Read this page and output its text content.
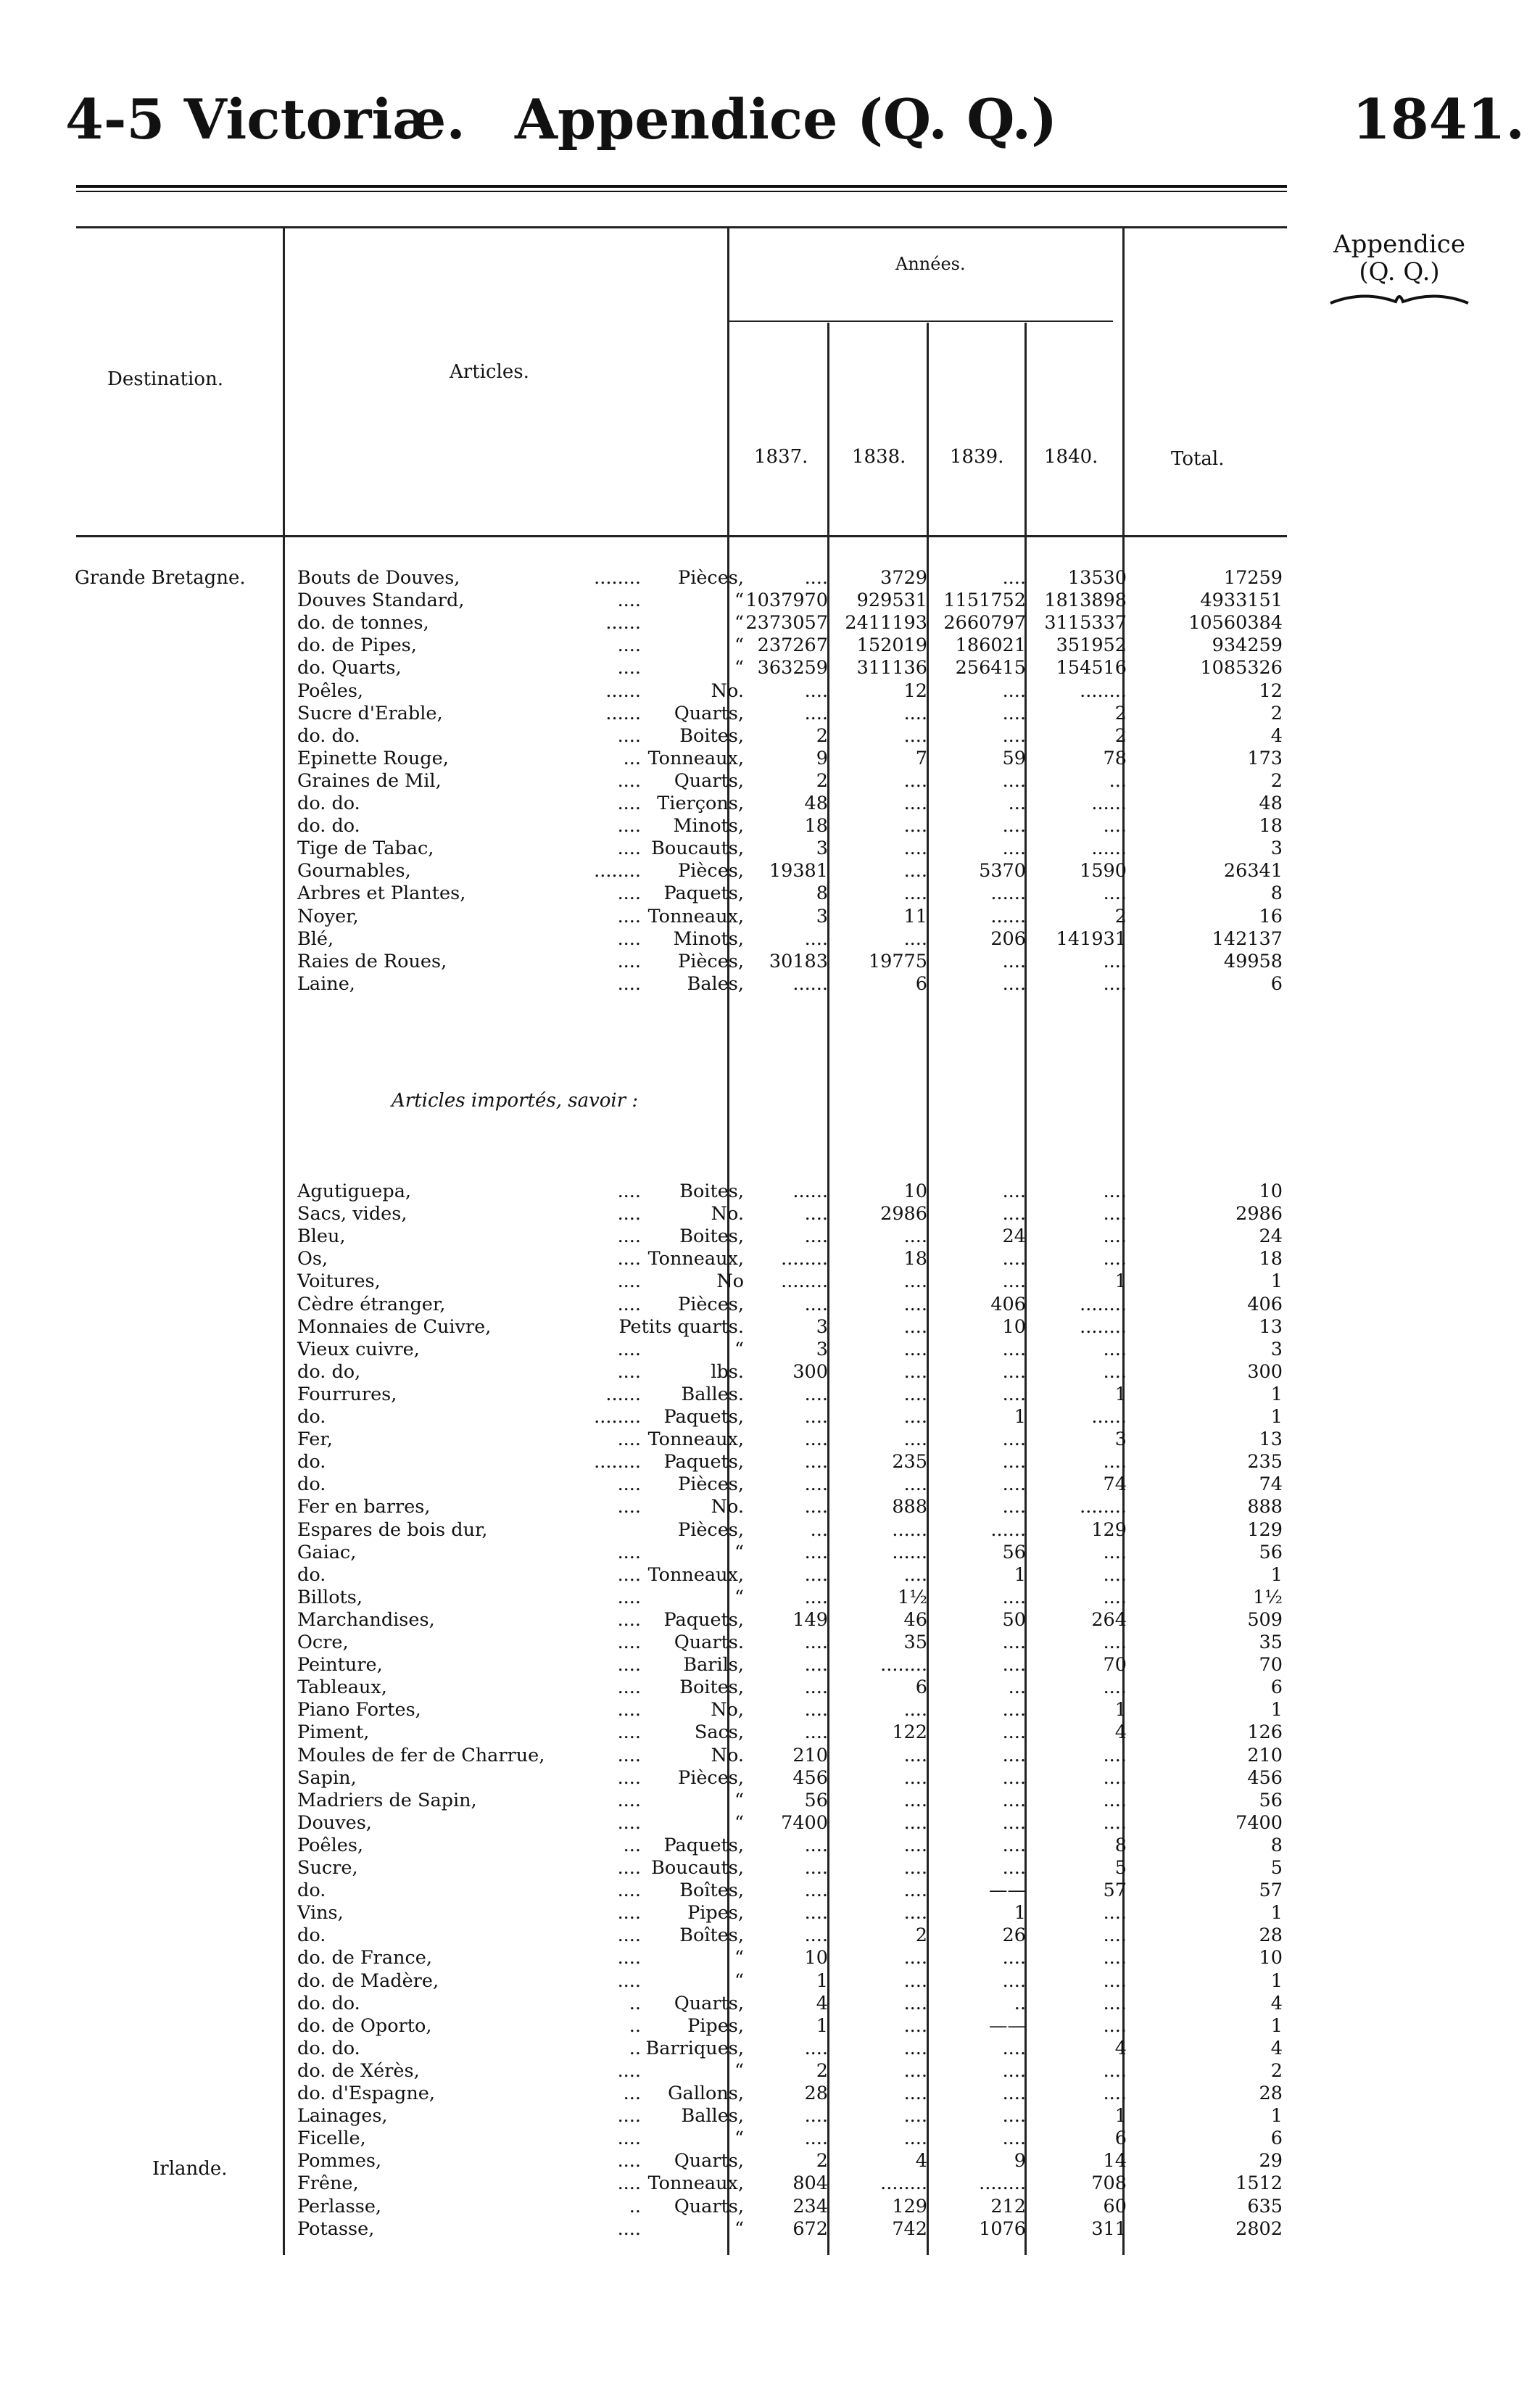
4-5 Victoriæ. Appendice (Q. Q.)	1841.
Appendice
(Q. Q.)
Destination.	Articles.
Années.
1837. 1838. 1839. 1840.	Total.
Grande Bretagne.
Irlande.
Articles importés, savoir :
Bouts de Douves,	........ Pièces,	....	3729	.... 13530	17259
Douves Standard,	....	“ 1037970 929531 1151752 1813898	4933151
do. de tonnes,	......	“ 2373057 2411193 2660797 3115337	10560384
do. de Pipes,	....	“ 237267 152019 186021 351952	934259
do. Quarts,	....	“ 363259 311136 256415 154516	1085326
Poêles,	......	No.	....	12	....	........	12
Sucre d'Erable,	...... Quarts,	....	....	....	2	2
do. do.	.... Boites,	2	....	....	2	4
Epinette Rouge,	... Tonneaux,	9	7	59	78	173
Graines de Mil,	.... Quarts,	2	....	....	...	2
do. do.	.... Tierçons,	48	....	...	......	48
do. do.	.... Minots,	18	....	....	....	18
Tige de Tabac,	.... Boucauts,	3	....	....	......	3
Gournables,	........ Pièces, 19381	....	5370	1590	26341
Arbres et Plantes,	.... Paquets,	8	....	......	....	8
Noyer,	.... Tonneaux,	3	11	......	2	16
Blé,	.... Minots,	....	....	206 141931	142137
Raies de Roues,	.... Pièces, 30183 19775	....	....	49958
Laine,	.... Bales,	......	6	....	....	6
Agutiguepa,	.... Boites,	......	10	....	....	10
Sacs, vides,	....	No.	....	2986	....	....	2986
Bleu,	.... Boites,	....	....	24	....	24
Os,	.... Tonneaux, ........	18	....	....	18
Voitures,	....	No ........	....	....	1	1
Cèdre étranger,	.... Pièces,	....	....	406	........	406
Monnaies de Cuivre,	Petits quarts.	3	....	10	........	13
Vieux cuivre,	....	“	3	....	....	....	3
do. do,	....	lbs.	300	....	....	....	300
Fourrures,	...... Balles.	....	....	....	1	1
do.	........ Paquets,	....	....	1	......	1
Fer,	.... Tonneaux,	....	....	....	3	13
do.	........ Paquets,	....	235	....	....	235
do.	.... Pièces,	....	....	....	74	74
Fer en barres,	....	No.	....	888	....	........	888
Espares de bois dur,	Pièces,	...	......	......	129	129
Gaiac,	....	“	....	......	56	....	56
do.	.... Tonneaux,	....	....	1	....	1
Billots,	....	“	....	1½	....	....	1½
Marchandises,	.... Paquets,	149	46	50	264	509
Ocre,	.... Quarts.	....	35	....	....	35
Peinture,	.... Barils,	....	........	....	70	70
Tableaux,	.... Boites,	....	6	...	....	6
Piano Fortes,	....	No,	....	....	....	1	1
Piment,	....	Sacs,	....	122	....	4	126
Moules de fer de Charrue,	....	No.	210	....	....	....	210
Sapin,	.... Pièces,	456	....	....	....	456
Madriers de Sapin,	....	“	56	....	....	....	56
Douves,	....	“ 7400	....	....	....	7400
Poêles,	... Paquets,	....	....	....	8	8
Sucre,	.... Boucauts,	....	....	....	5	5
do.	.... Boîtes,	....	....	——	57	57
Vins,	....	Pipes,	....	....	1	....	1
do.	.... Boîtes,	....	2	26	....	28
do. de France,	....	“	10	....	....	....	10
do. de Madère,	....	“	1	....	....	....	1
do. do.	.. Quarts,	4	....	..	....	4
do. de Oporto,	..	Pipes,	1	....	——	....	1
do. do.	.. Barriques,	....	....	....	4	4
do. de Xérès,	....	“	2	....	....	....	2
do. d'Espagne,	... Gallons,	28	....	....	....	28
Lainages,	.... Balles,	....	....	....	1	1
Ficelle,	....	“	....	....	....	6	6
Pommes,	.... Quarts,	2	4	9	14	29
Frêne,	.... Tonneaux,	804	........	........	708	1512
Perlasse,	.. Quarts,	234	129	212	60	635
Potasse,	....	“	672	742	1076	311	2802
